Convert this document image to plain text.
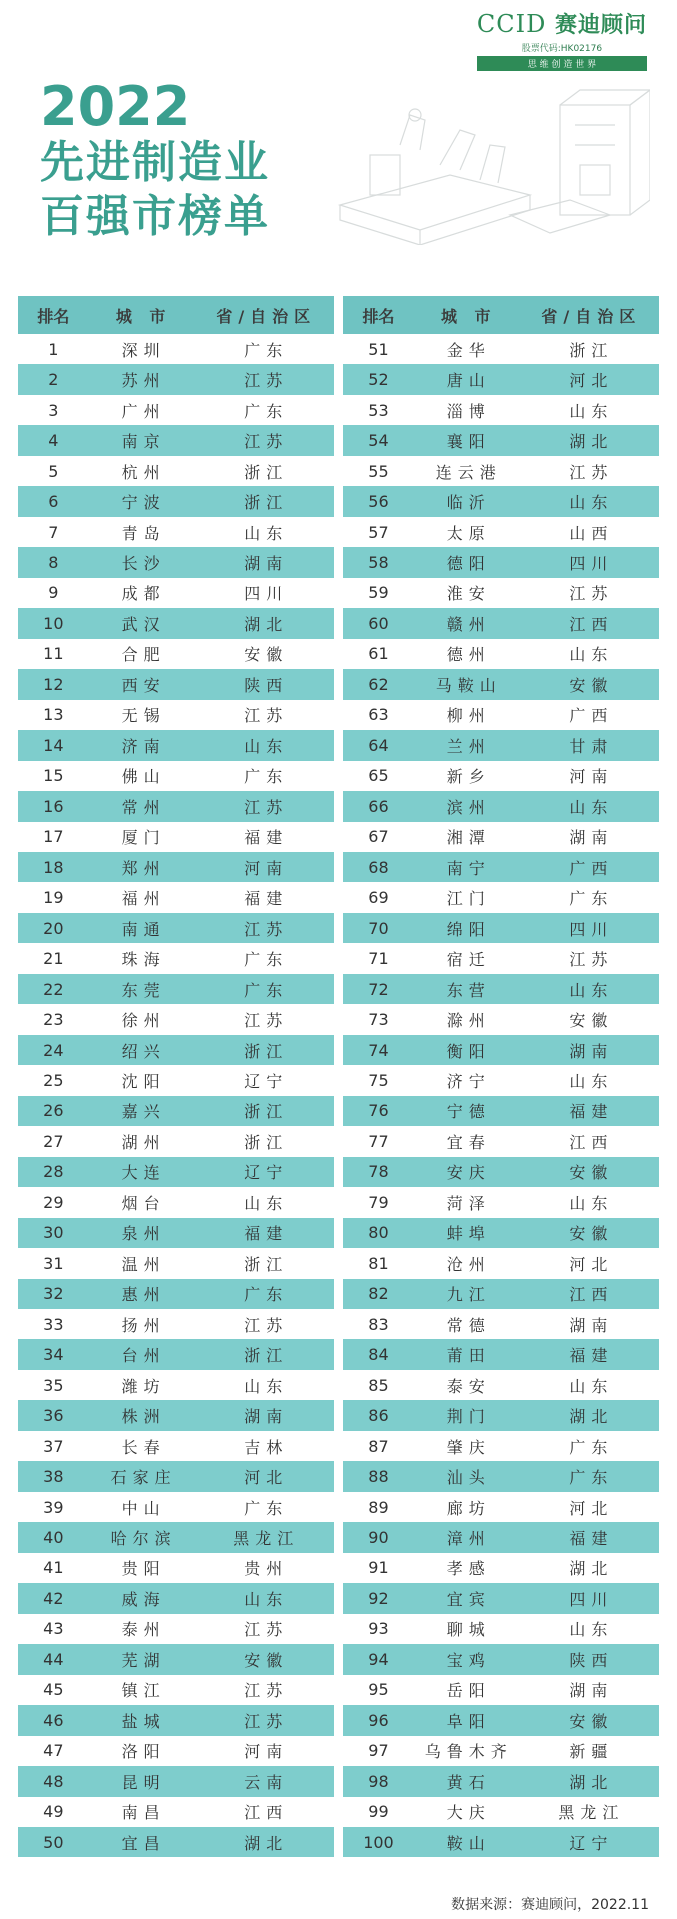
CCID 赛迪顾问
股票代码:HK02176
思 维 创 造 世 界
2022
先进制造业
百强市榜单
排名	城 市	省/自治区
1	深圳	广东
2	苏州	江苏
3	广州	广东
4	南京	江苏
5	杭州	浙江
6	宁波	浙江
7	青岛	山东
8	长沙	湖南
9	成都	四川
10	武汉	湖北
11	合肥	安徽
12	西安	陕西
13	无锡	江苏
14	济南	山东
15	佛山	广东
16	常州	江苏
17	厦门	福建
18	郑州	河南
19	福州	福建
20	南通	江苏
21	珠海	广东
22	东莞	广东
23	徐州	江苏
24	绍兴	浙江
25	沈阳	辽宁
26	嘉兴	浙江
27	湖州	浙江
28	大连	辽宁
29	烟台	山东
30	泉州	福建
31	温州	浙江
32	惠州	广东
33	扬州	江苏
34	台州	浙江
35	潍坊	山东
36	株洲	湖南
37	长春	吉林
38	石家庄	河北
39	中山	广东
40	哈尔滨	黑龙江
41	贵阳	贵州
42	威海	山东
43	泰州	江苏
44	芜湖	安徽
45	镇江	江苏
46	盐城	江苏
47	洛阳	河南
48	昆明	云南
49	南昌	江西
50	宜昌	湖北
排名	城 市	省/自治区
51	金华	浙江
52	唐山	河北
53	淄博	山东
54	襄阳	湖北
55	连云港	江苏
56	临沂	山东
57	太原	山西
58	德阳	四川
59	淮安	江苏
60	赣州	江西
61	德州	山东
62	马鞍山	安徽
63	柳州	广西
64	兰州	甘肃
65	新乡	河南
66	滨州	山东
67	湘潭	湖南
68	南宁	广西
69	江门	广东
70	绵阳	四川
71	宿迁	江苏
72	东营	山东
73	滁州	安徽
74	衡阳	湖南
75	济宁	山东
76	宁德	福建
77	宜春	江西
78	安庆	安徽
79	菏泽	山东
80	蚌埠	安徽
81	沧州	河北
82	九江	江西
83	常德	湖南
84	莆田	福建
85	泰安	山东
86	荆门	湖北
87	肇庆	广东
88	汕头	广东
89	廊坊	河北
90	漳州	福建
91	孝感	湖北
92	宜宾	四川
93	聊城	山东
94	宝鸡	陕西
95	岳阳	湖南
96	阜阳	安徽
97	乌鲁木齐	新疆
98	黄石	湖北
99	大庆	黑龙江
100	鞍山	辽宁
数据来源：赛迪顾问，2022.11
